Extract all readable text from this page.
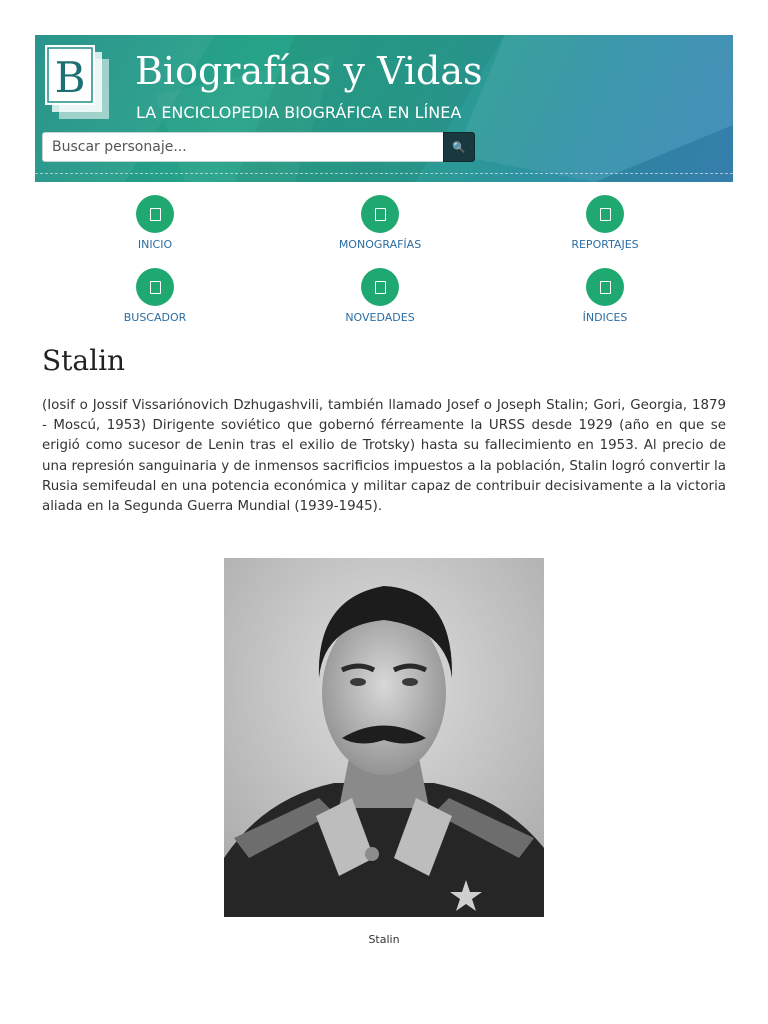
B Biografías y Vidas
LA ENCICLOPEDIA BIOGRÁFICA EN LÍNEA
Buscar personaje...
🔍
INICIO	MONOGRAFÍAS	REPORTAJES
BUSCADOR	NOVEDADES	ÍNDICES
Stalin

(Iosif o Jossif Vissariónovich Dzhugashvili, también llamado Josef o Joseph Stalin; Gori, Georgia, 1879 - Moscú, 1953) Dirigente soviético que gobernó férreamente la URSS desde 1929 (año en que se erigió como sucesor de Lenin tras el exilio de Trotsky) hasta su fallecimiento en 1953. Al precio de una represión sanguinaria y de inmensos sacrificios impuestos a la población, Stalin logró convertir la Rusia semifeudal en una potencia económica y militar capaz de contribuir decisivamente a la victoria aliada en la Segunda Guerra Mundial (1939-1945).

Stalin
